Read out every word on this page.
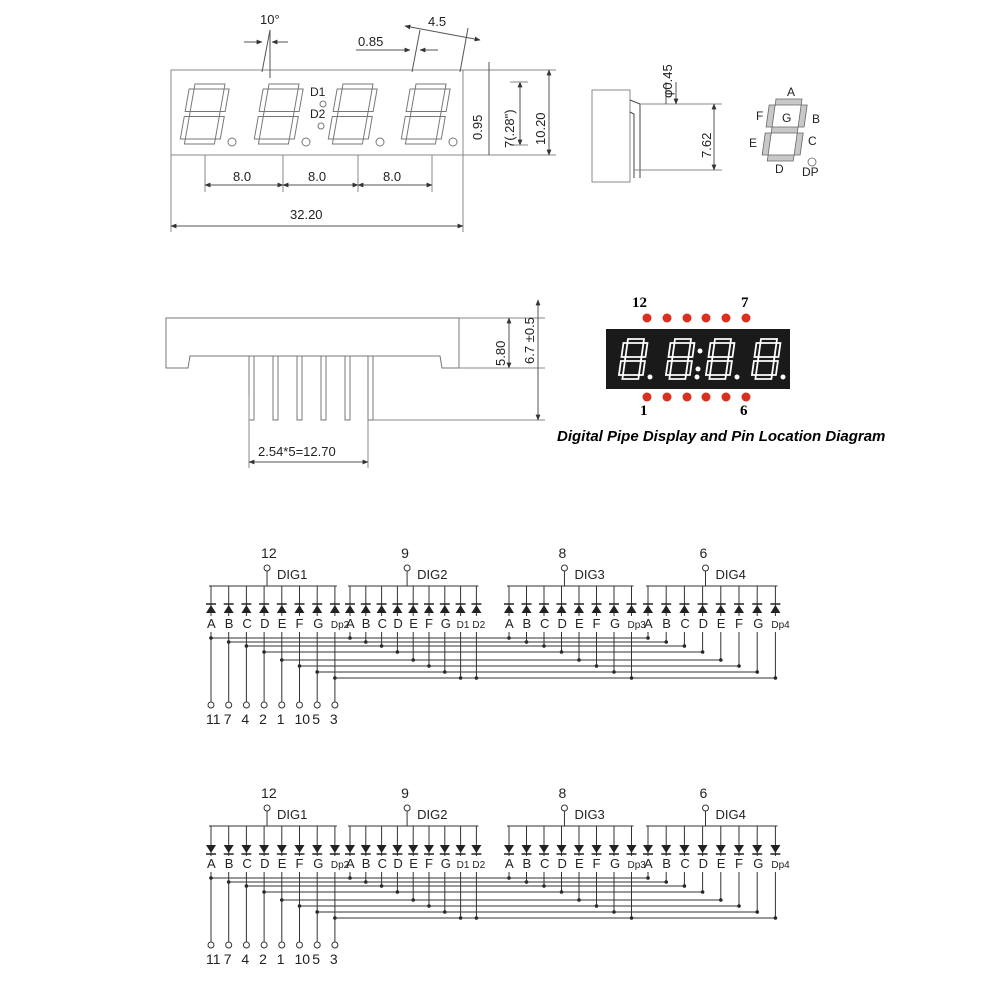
10°	4.5
0.85
D1
D2
8.0	8.0	8.0
32.20
0.95 7(.28") 10.20
φ0.45
7.62
A
B
C
D
E
F G
DP
5.80 6.7 ±0.5
2.54*5=12.70
12	7
1	6
Digital Pipe Display and Pin Location Diagram
12
DIG1
A B C D E F G Dp2
9
DIG2
A B C D E F G D1 D2
8
DIG3
A B C D E F G Dp3
6
DIG4
A B C D E F G Dp4
11 7 4 2 1 10 5 3
12
DIG1
A B C D E F G Dp2
9
DIG2
A B C D E F G D1 D2
8
DIG3
A B C D E F G Dp3
6
DIG4
A B C D E F G Dp4
11 7 4 2 1 10 5 3
